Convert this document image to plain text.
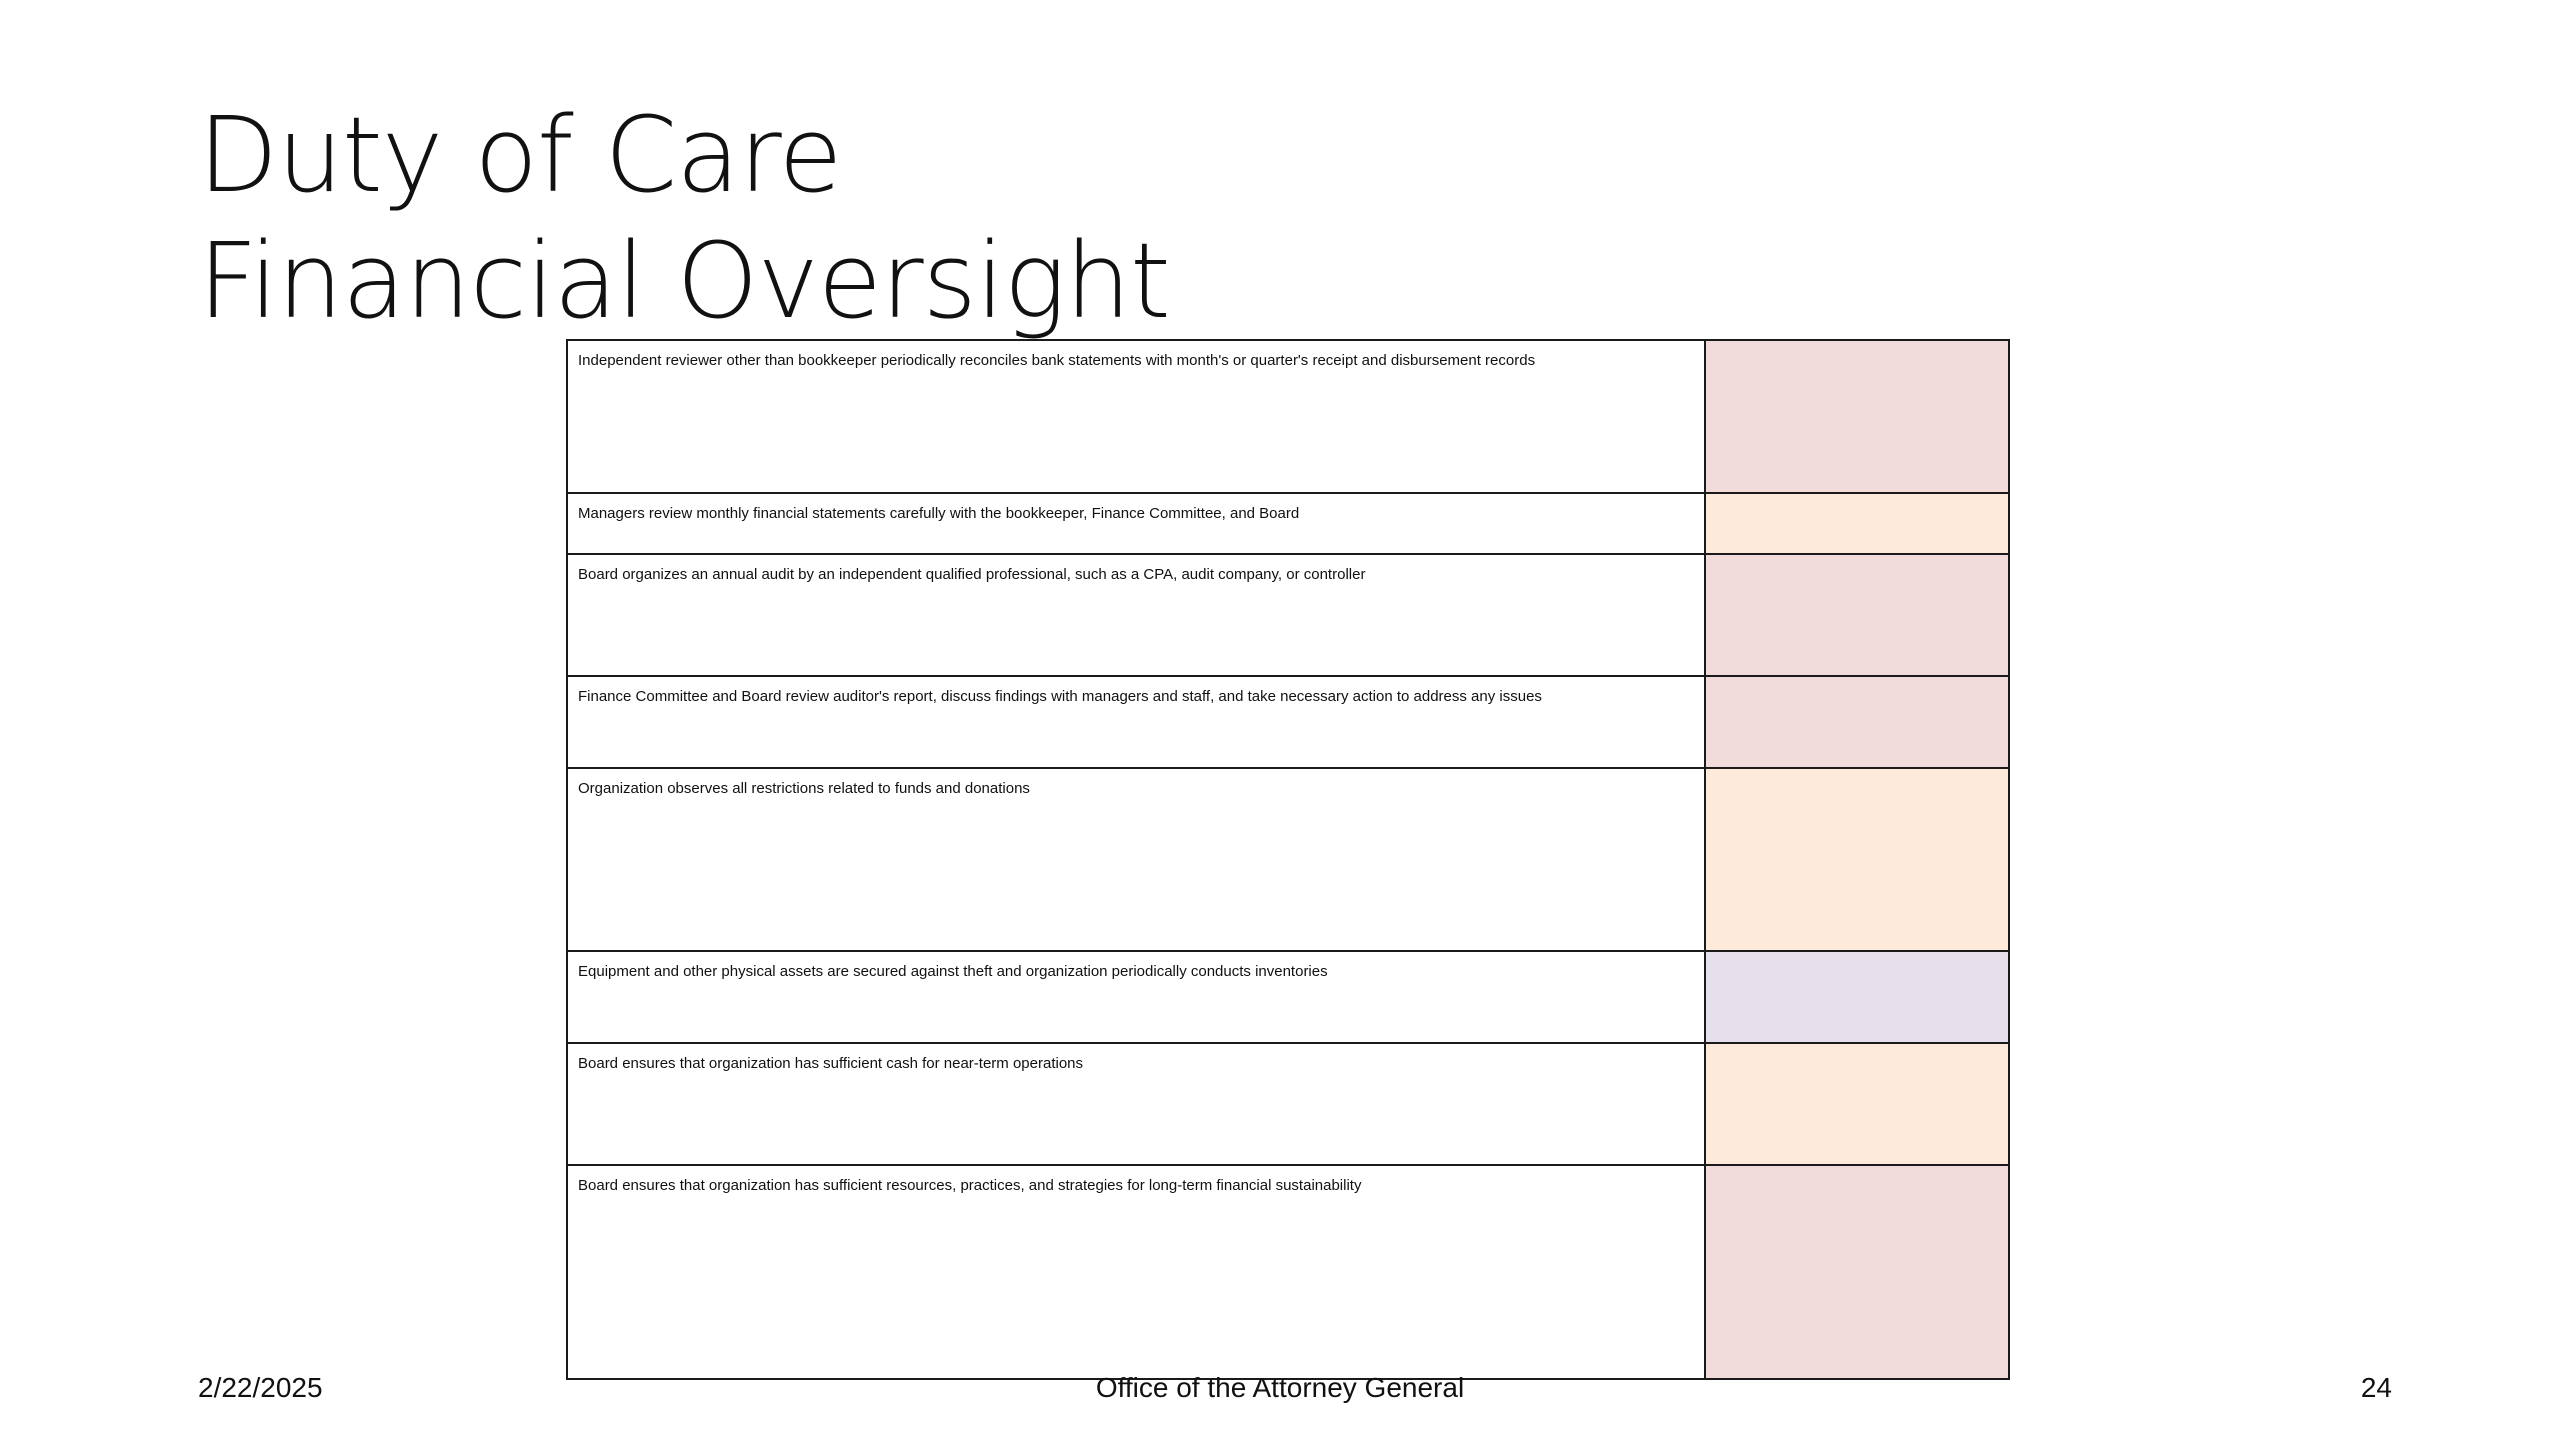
Duty of Care
Financial Oversight
Independent reviewer other than bookkeeper periodically reconciles bank statements with month's or quarter's receipt and disbursement records	
Managers review monthly financial statements carefully with the bookkeeper, Finance Committee, and Board	
Board organizes an annual audit by an independent qualified professional, such as a CPA, audit company, or controller	
Finance Committee and Board review auditor's report, discuss findings with managers and staff, and take necessary action to address any issues	
Organization observes all restrictions related to funds and donations	
Equipment and other physical assets are secured against theft and organization periodically conducts inventories	
Board ensures that organization has sufficient cash for near-term operations	
Board ensures that organization has sufficient resources, practices, and strategies for long-term financial sustainability	
2/22/2025	Office of the Attorney General	24
